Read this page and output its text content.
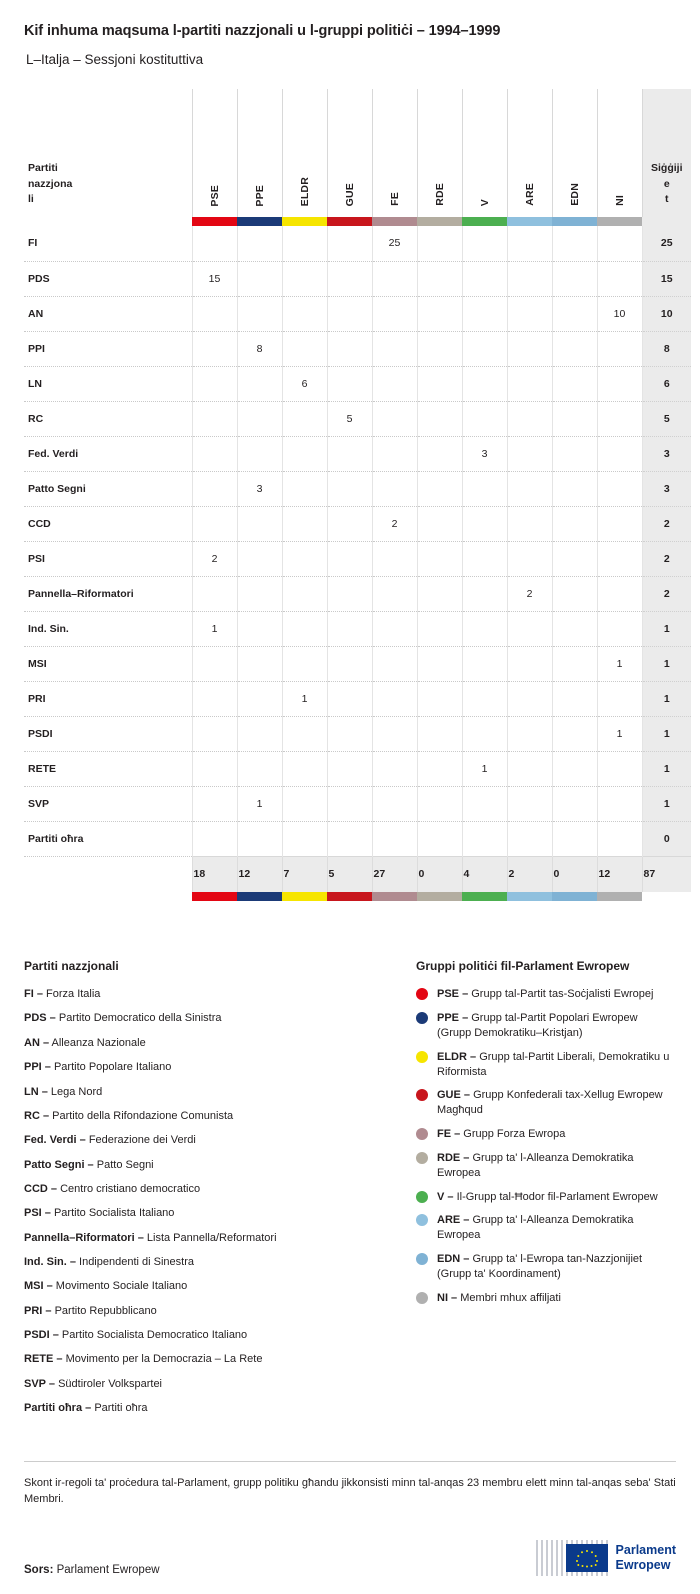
Kif inhuma maqsuma l-partiti nazzjonali u l-gruppi politiċi – 1994–1999
L–Italja – Sessjoni kostituttiva
Partiti
nazzjona
li	PSE	PPE	ELDR	GUE	FE	RDE	V	ARE	EDN	NI	Siġġijie
t

FI					25						25
PDS	15										15
AN										10	10
PPI		8									8
LN			6								6
RC				5							5
Fed. Verdi							3				3
Patto Segni		3									3
CCD					2						2
PSI	2										2
Pannella–Riformatori								2			2
Ind. Sin.	1										1
MSI										1	1
PRI			1								1
PSDI										1	1
RETE							1				1
SVP		1									1
Partiti oħra											0
	18	12	7	5	27	0	4	2	0	12	87

Partiti nazzjonali
FI – Forza Italia
PDS – Partito Democratico della Sinistra
AN – Alleanza Nazionale
PPI – Partito Popolare Italiano
LN – Lega Nord
RC – Partito della Rifondazione Comunista
Fed. Verdi – Federazione dei Verdi
Patto Segni – Patto Segni
CCD – Centro cristiano democratico
PSI – Partito Socialista Italiano
Pannella–Riformatori – Lista Pannella/Reformatori
Ind. Sin. – Indipendenti di Sinestra
MSI – Movimento Sociale Italiano
PRI – Partito Repubblicano
PSDI – Partito Socialista Democratico Italiano
RETE – Movimento per la Democrazia – La Rete
SVP – Südtiroler Volkspartei
Partiti oħra – Partiti oħra
Gruppi politiċi fil-Parlament Ewropew
PSE – Grupp tal-Partit tas-Soċjalisti Ewropej
PPE – Grupp tal-Partit Popolari Ewropew (Grupp Demokratiku–Kristjan)
ELDR – Grupp tal-Partit Liberali, Demokratiku u Riformista
GUE – Grupp Konfederali tax-Xellug Ewropew Magħqud
FE – Grupp Forza Ewropa
RDE – Grupp ta' l-Alleanza Demokratika Ewropea
V – Il-Grupp tal-Ħodor fil-Parlament Ewropew
ARE – Grupp ta' l-Alleanza Demokratika Ewropea
EDN – Grupp ta' l-Ewropa tan-Nazzjonijiet (Grupp ta' Koordinament)
NI – Membri mhux affiljati

Skont ir-regoli ta' proċedura tal-Parlament, grupp politiku għandu jikkonsisti minn tal-anqas 23 membru elett minn tal-anqas seba' Stati Membri.

Sors: Parlament Ewropew
Parlament
Ewropew
